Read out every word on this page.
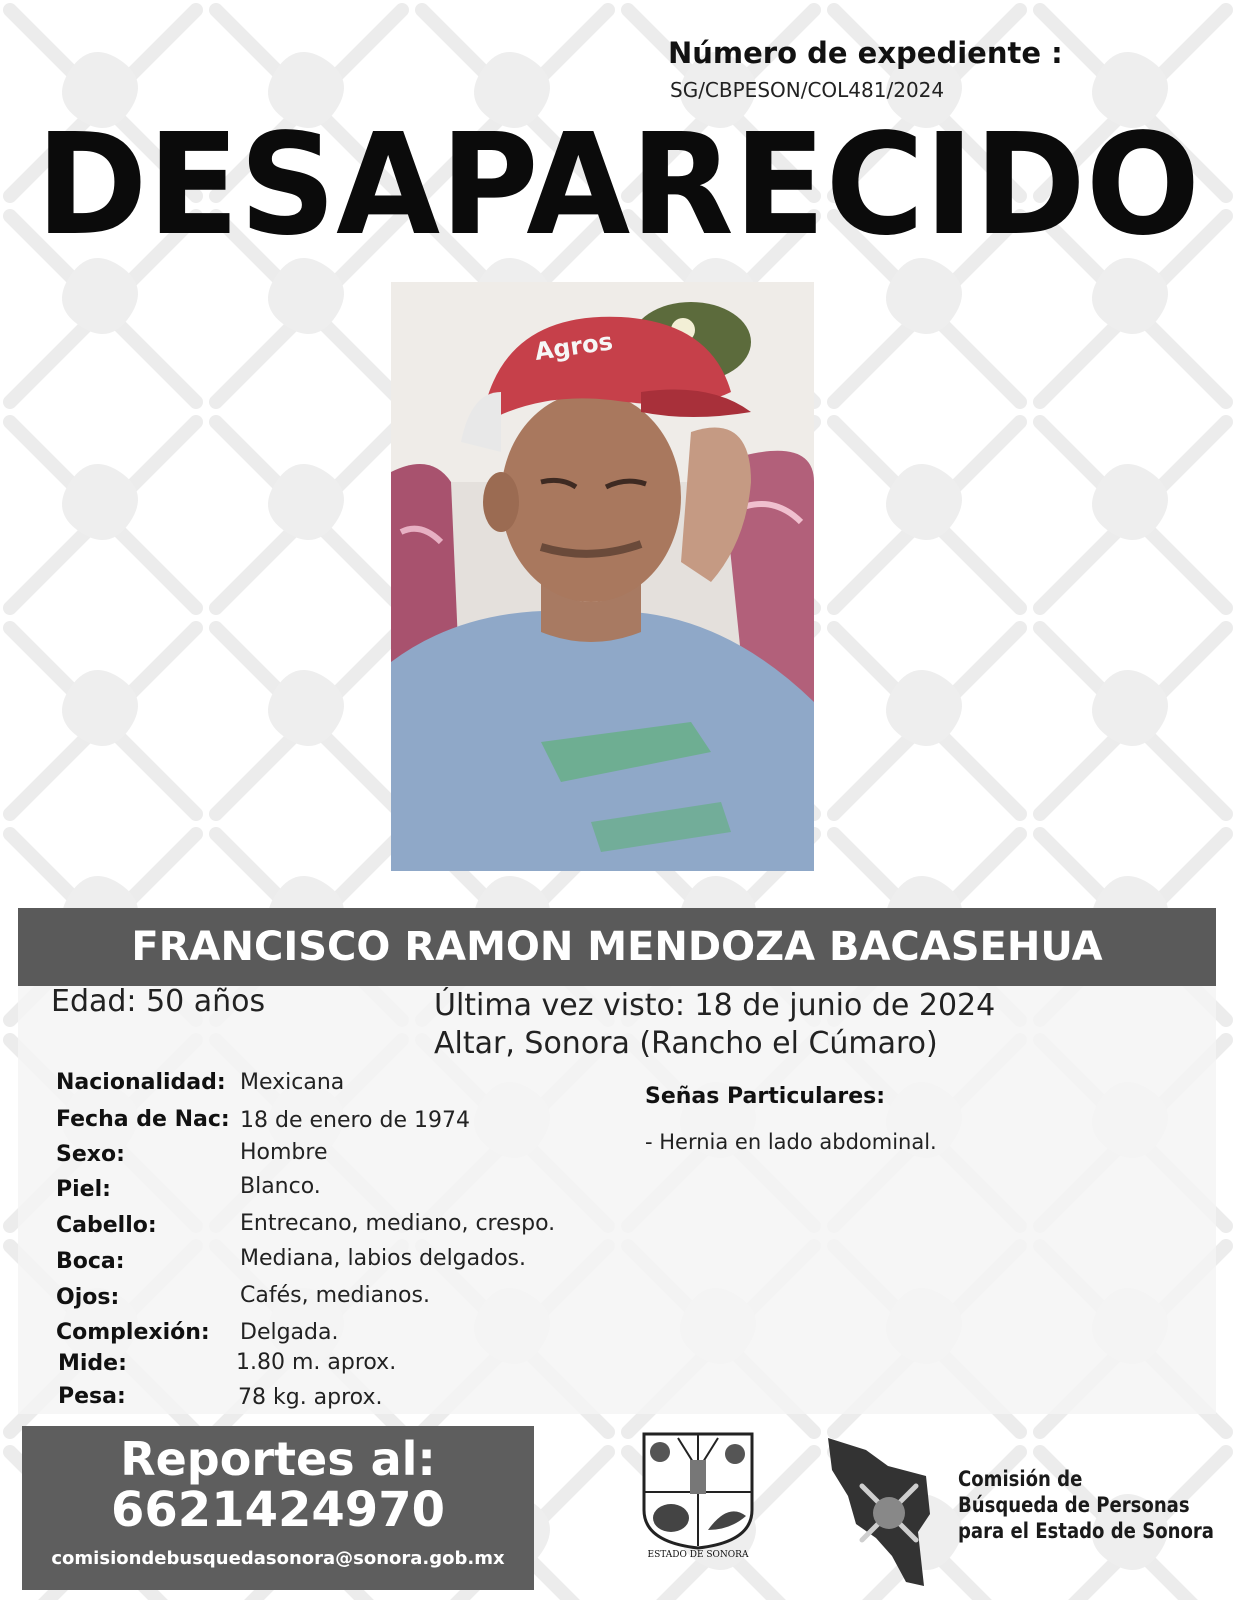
Número de expediente :
SG/CBPESON/COL481/2024
DESAPARECIDO
Agros
FRANCISCO RAMON MENDOZA BACASEHUA
Edad: 50 años	Última vez visto: 18 de junio de 2024
Altar, Sonora (Rancho el Cúmaro)
Nacionalidad: Mexicana
Fecha de Nac: 18 de enero de 1974
Sexo:	Hombre
Piel:	Blanco.
Cabello:	Entrecano, mediano, crespo.
Boca:	Mediana, labios delgados.
Ojos:	Cafés, medianos.
Complexión: Delgada.
Mide:	1.80 m. aprox.
Pesa:	78 kg. aprox.
Señas Particulares:
- Hernia en lado abdominal.
Reportes al:
6621424970
comisiondebusquedasonora@sonora.gob.mx	ESTADO DE SONORA
Comisión de
Búsqueda de Personas
para el Estado de Sonora
